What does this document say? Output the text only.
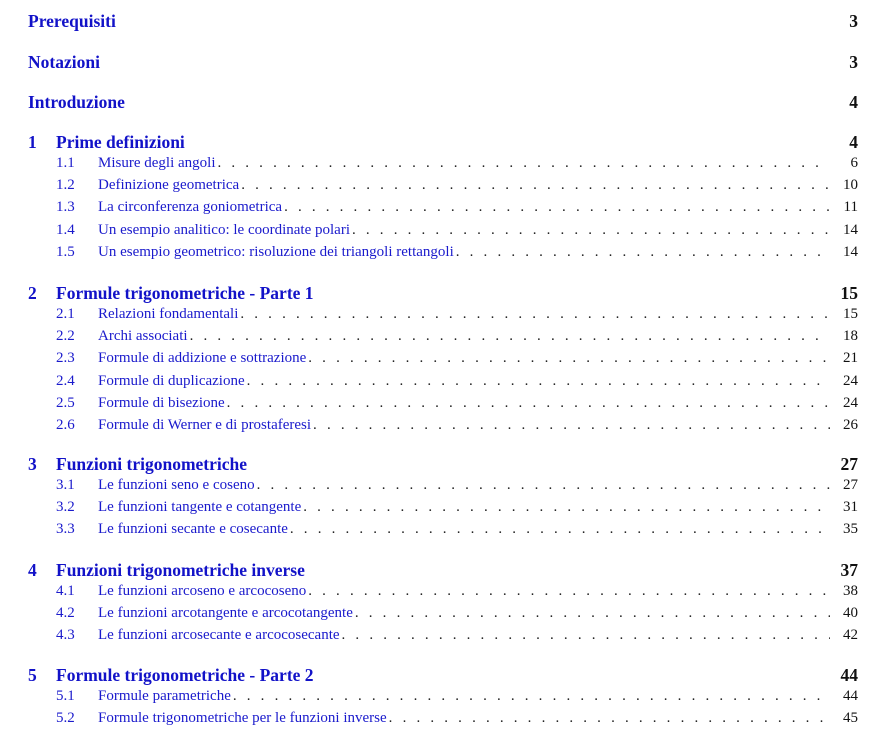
Prerequisiti	3
Notazioni	3
Introduzione	4
1	Prime definizioni	4
1.1	Misure degli angoli . . .	6
1.2	Definizione geometrica . . .	10
1.3	La circonferenza goniometrica . . .	11
1.4	Un esempio analitico: le coordinate polari . . .	14
1.5	Un esempio geometrico: risoluzione dei triangoli rettangoli . . .	14
2	Formule trigonometriche - Parte 1	15
2.1	Relazioni fondamentali . . .	15
2.2	Archi associati . . .	18
2.3	Formule di addizione e sottrazione . . .	21
2.4	Formule di duplicazione . . .	24
2.5	Formule di bisezione . . .	24
2.6	Formule di Werner e di prostaferesi . . .	26
3	Funzioni trigonometriche	27
3.1	Le funzioni seno e coseno . . .	27
3.2	Le funzioni tangente e cotangente . . .	31
3.3	Le funzioni secante e cosecante . . .	35
4	Funzioni trigonometriche inverse	37
4.1	Le funzioni arcoseno e arcocoseno . . .	38
4.2	Le funzioni arcotangente e arcocotangente . . .	40
4.3	Le funzioni arcosecante e arcocosecante . . .	42
5	Formule trigonometriche - Parte 2	44
5.1	Formule parametriche . . .	44
5.2	Formule trigonometriche per le funzioni inverse . . .	45
